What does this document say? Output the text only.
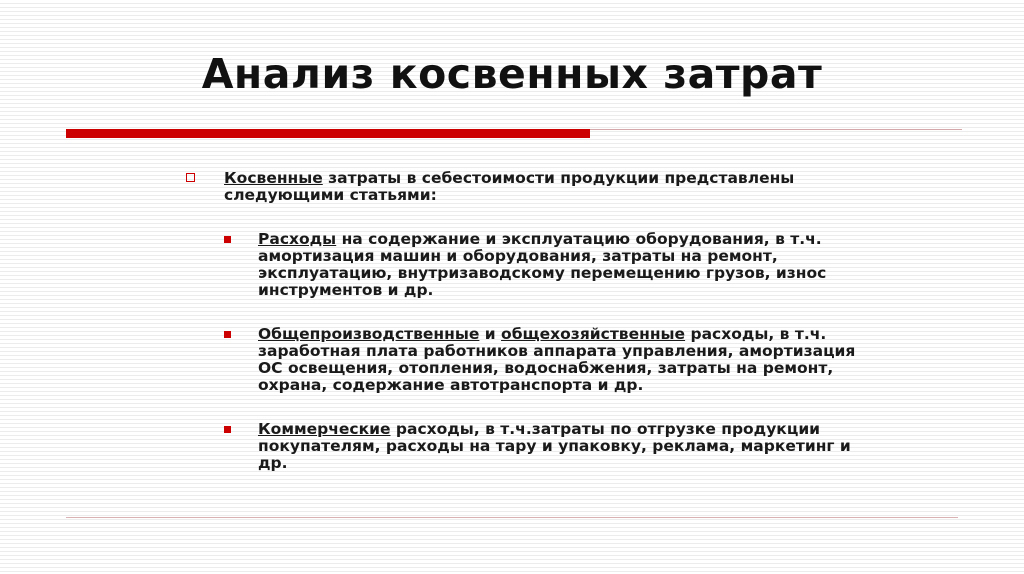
Анализ косвенных затрат
Косвенные затраты в себестоимости продукции представлены следующими статьями:
Расходы на содержание и эксплуатацию оборудования, в т.ч. амортизация машин и оборудования, затраты на ремонт, эксплуатацию, внутризаводскому перемещению грузов, износ инструментов и др.
Общепроизводственные и общехозяйственные расходы, в т.ч. заработная плата работников аппарата управления, амортизация ОС освещения, отопления, водоснабжения, затраты на ремонт, охрана, содержание автотранспорта и др.
Коммерческие расходы, в т.ч.затраты по отгрузке продукции покупателям, расходы на тару и упаковку, реклама, маркетинг и др.
